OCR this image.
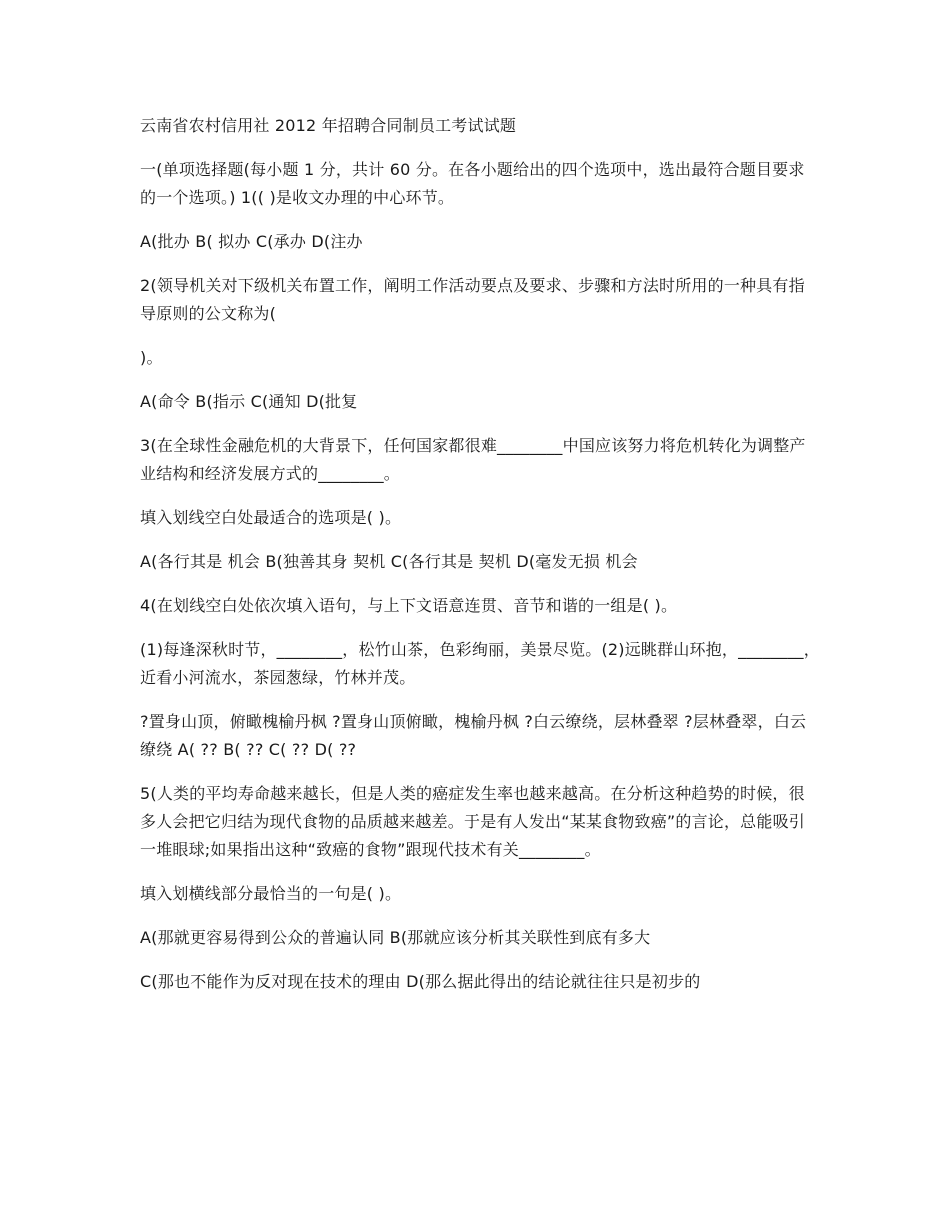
云南省农村信用社 2012 年招聘合同制员工考试试题

一(单项选择题(每小题 1 分，共计 60 分。在各小题给出的四个选项中，选出最符合题目要求的一个选项。) 1(( )是收文办理的中心环节。

A(批办 B( 拟办 C(承办 D(注办

2(领导机关对下级机关布置工作，阐明工作活动要点及要求、步骤和方法时所用的一种具有指导原则的公文称为(

)。

A(命令 B(指示 C(通知 D(批复

3(在全球性金融危机的大背景下，任何国家都很难________中国应该努力将危机转化为调整产业结构和经济发展方式的________。

填入划线空白处最适合的选项是( )。

A(各行其是 机会 B(独善其身 契机 C(各行其是 契机 D(毫发无损 机会

4(在划线空白处依次填入语句，与上下文语意连贯、音节和谐的一组是( )。

(1)每逢深秋时节，________，松竹山茶，色彩绚丽，美景尽览。(2)远眺群山环抱，________，近看小河流水，茶园葱绿，竹林并茂。

?置身山顶，俯瞰槐榆丹枫 ?置身山顶俯瞰，槐榆丹枫 ?白云缭绕，层林叠翠 ?层林叠翠，白云缭绕 A( ?? B( ?? C( ?? D( ??

5(人类的平均寿命越来越长，但是人类的癌症发生率也越来越高。在分析这种趋势的时候，很多人会把它归结为现代食物的品质越来越差。于是有人发出“某某食物致癌”的言论，总能吸引一堆眼球;如果指出这种“致癌的食物”跟现代技术有关________。

填入划横线部分最恰当的一句是( )。

A(那就更容易得到公众的普遍认同 B(那就应该分析其关联性到底有多大

C(那也不能作为反对现在技术的理由 D(那么据此得出的结论就往往只是初步的
